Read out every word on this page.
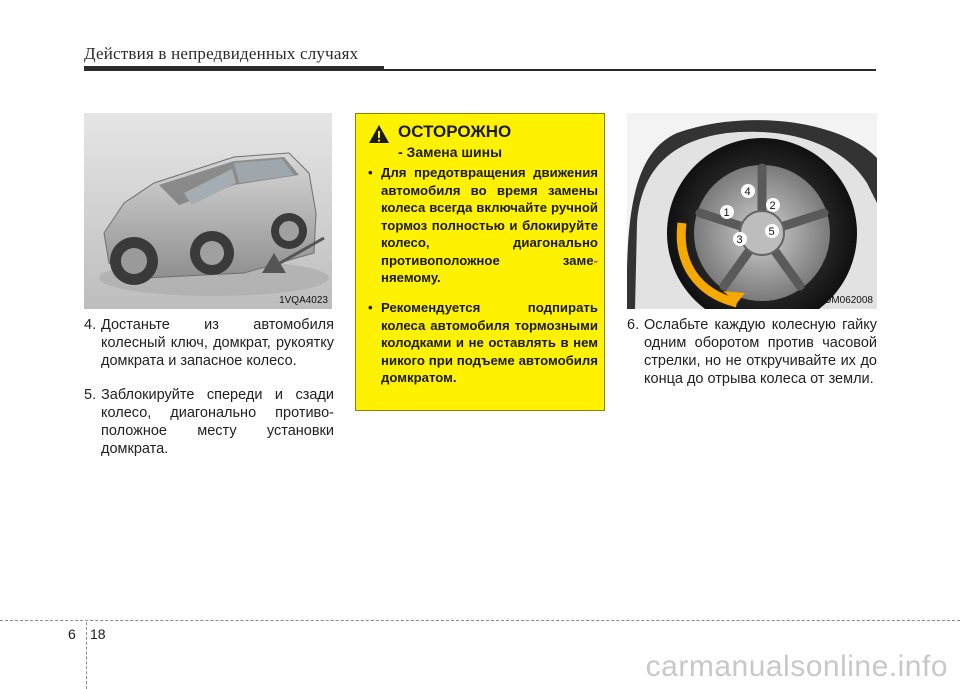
Действия в непредвиденных случаях
1VQA4023
4. Достаньте из автомобиля колесный ключ, домкрат, рукоятку домкрата и запасное колесо.
5. Заблокируйте спереди и сзади колесо, диагонально противо-положное месту установки домкрата.
ОСТОРОЖНО
- Замена шины
• Для предотвращения движения автомобиля во время замены колеса всегда включайте ручной тормоз полностью и блокируйте колесо, диагонально противоположное заме- няемому.
• Рекомендуется подпирать колеса автомобиля тормозными колодками и не оставлять в нем никого при подъеме автомобиля домкратом.
1
2
3
4
5
ODM062008
6. Ослабьте каждую колесную гайку одним оборотом против часовой стрелки, но не откручивайте их до конца до отрыва колеса от земли.
6 18
carmanualsonline.info
